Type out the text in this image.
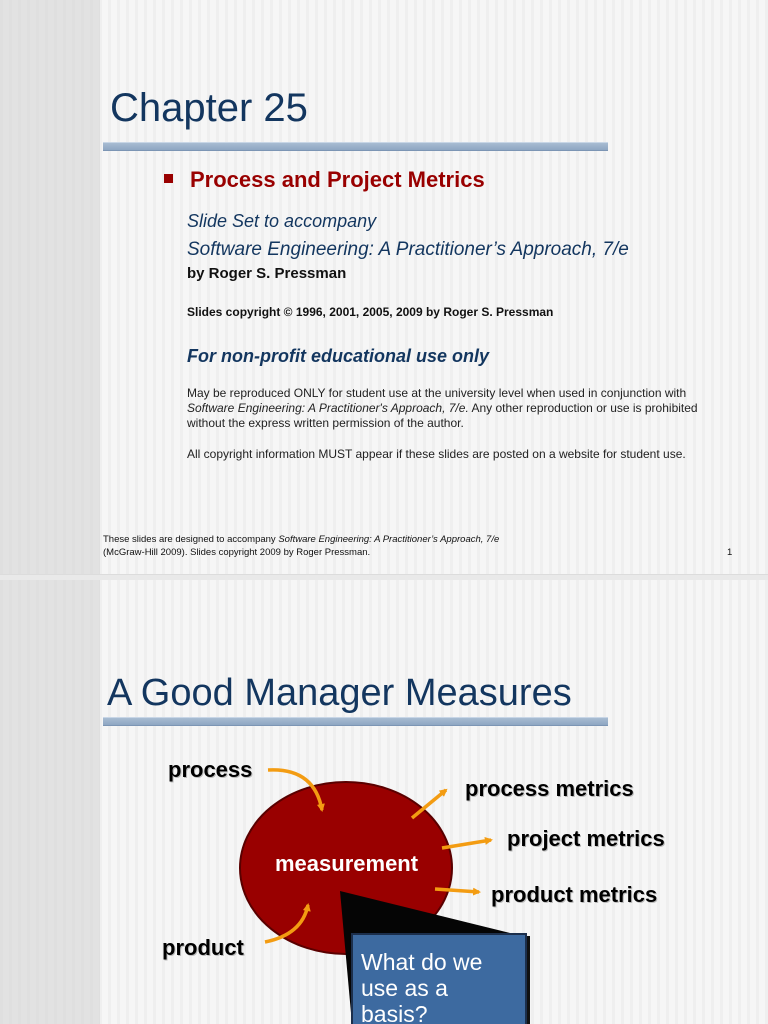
Chapter 25
Process and Project Metrics
Slide Set to accompany
Software Engineering: A Practitioner’s Approach, 7/e
by Roger S. Pressman
Slides copyright © 1996, 2001, 2005, 2009 by Roger S. Pressman
For non-profit educational use only
May be reproduced ONLY for student use at the university level when used in conjunction with Software Engineering: A Practitioner's Approach, 7/e. Any other reproduction or use is prohibited without the express written permission of the author.
All copyright information MUST appear if these slides are posted on a website for student use.
These slides are designed to accompany Software Engineering: A Practitioner’s Approach, 7/e
(McGraw-Hill 2009). Slides copyright 2009 by Roger Pressman.	1
A Good Manager Measures
process
product
measurement
process metrics
project metrics
product metrics
What do we use as a basis?
